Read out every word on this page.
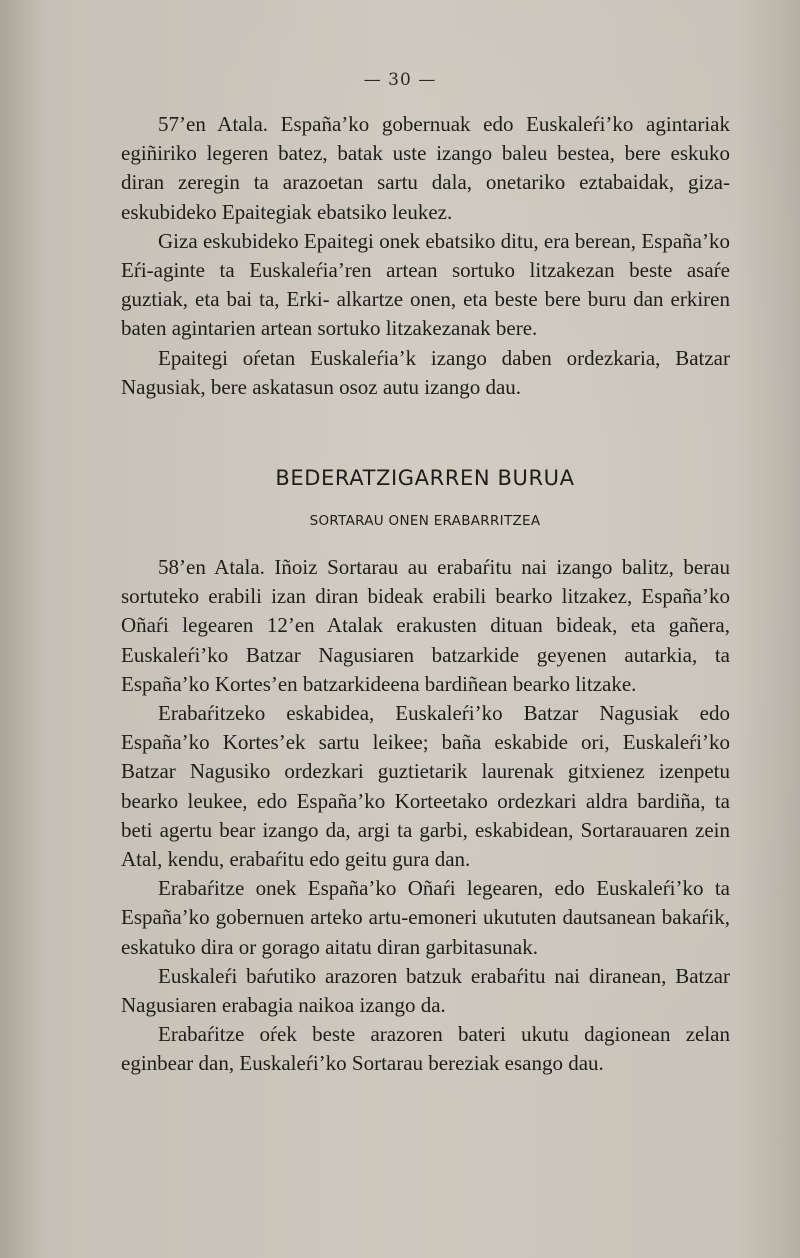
— 30 —

57’en Atala. España’ko gobernuak edo Euskaleŕi’ko agintariak egiñiriko legeren batez, batak uste izango baleu bestea, bere eskuko diran zeregin ta arazoetan sartu dala, onetariko eztabaidak, giza-eskubideko Epaitegiak ebatsiko leukez.

Giza eskubideko Epaitegi onek ebatsiko ditu, era berean, España’ko Eŕi-aginte ta Euskaleŕia’ren artean sortuko litzakezan beste asaŕe guztiak, eta bai ta, Erki- alkartze onen, eta beste bere buru dan erkiren baten agintarien artean sortuko litzakezanak bere.

Epaitegi oŕetan Euskaleŕia’k izango daben ordezkaria, Batzar Nagusiak, bere askatasun osoz autu izango dau.

BEDERATZIGARREN BURUA
SORTARAU ONEN ERABARRITZEA

58’en Atala. Iñoiz Sortarau au erabaŕitu nai izango balitz, berau sortuteko erabili izan diran bideak erabili bearko litzakez, España’ko Oñaŕi legearen 12’en Atalak erakusten dituan bideak, eta gañera, Euskaleŕi’ko Batzar Nagusiaren batzarkide geyenen autarkia, ta España’ko Kortes’en batzarkideena bardiñean bearko litzake.

Erabaŕitzeko eskabidea, Euskaleŕi’ko Batzar Nagusiak edo España’ko Kortes’ek sartu leikee; baña eskabide ori, Euskaleŕi’ko Batzar Nagusiko ordezkari guztietarik laurenak gitxienez izenpetu bearko leukee, edo España’ko Korteetako ordezkari aldra bardiña, ta beti agertu bear izango da, argi ta garbi, eskabidean, Sortarauaren zein Atal, kendu, erabaŕitu edo geitu gura dan.

Erabaŕitze onek España’ko Oñaŕi legearen, edo Euskaleŕi’ko ta España’ko gobernuen arteko artu-emoneri ukututen dautsanean bakaŕik, eskatuko dira or gorago aitatu diran garbitasunak.

Euskaleŕi baŕutiko arazoren batzuk erabaŕitu nai diranean, Batzar Nagusiaren erabagia naikoa izango da.

Erabaŕitze oŕek beste arazoren bateri ukutu dagionean zelan eginbear dan, Euskaleŕi’ko Sortarau bereziak esango dau.
